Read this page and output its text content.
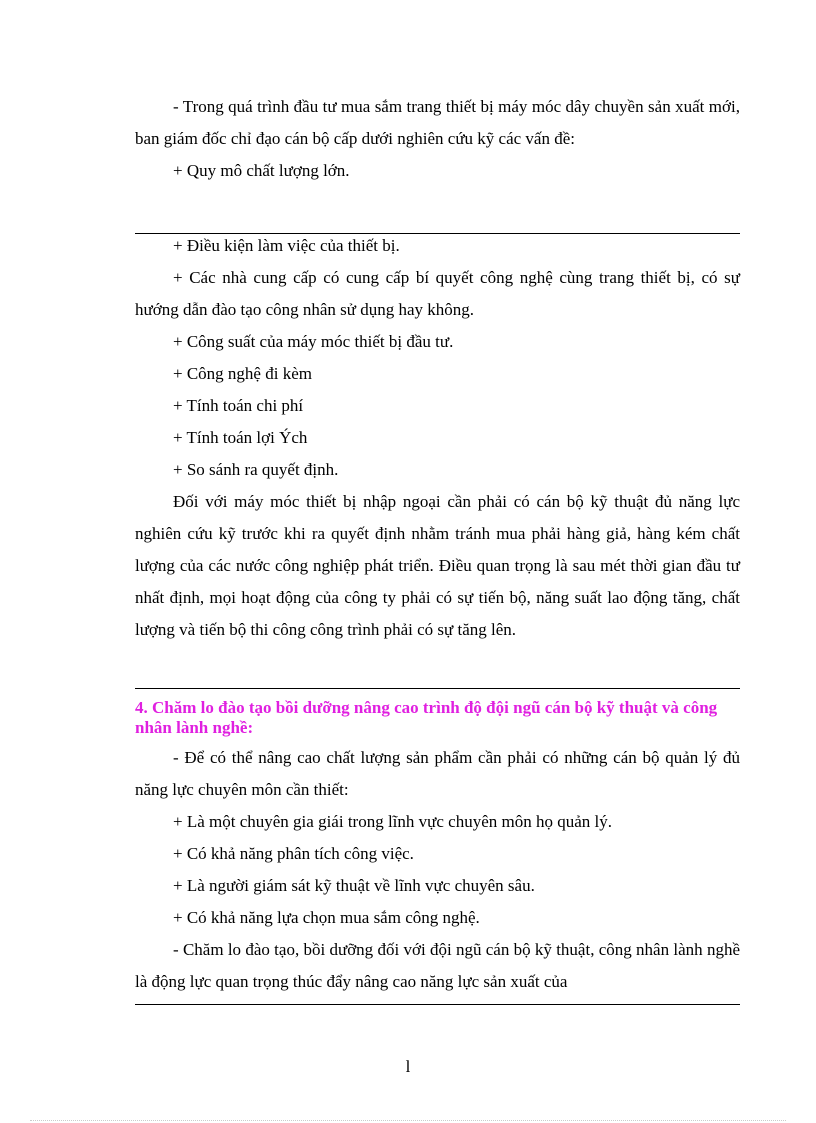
- Trong quá trình đầu tư mua sắm trang thiết bị máy móc dây chuyền sản xuất mới, ban giám đốc chỉ đạo cán bộ cấp dưới nghiên cứu kỹ các vấn đề:
+ Quy mô chất lượng lớn.
+ Điều kiện làm việc của thiết bị.
+ Các nhà cung cấp có cung cấp bí quyết công nghệ cùng trang thiết bị, có sự hướng dẫn đào tạo công nhân sử dụng hay không.
+ Công suất của máy móc thiết bị đầu tư.
+ Công nghệ đi kèm
+ Tính toán chi phí
+ Tính toán lợi Ých
+ So sánh ra quyết định.
Đối với máy móc thiết bị nhập ngoại cần phải có cán bộ kỹ thuật đủ năng lực nghiên cứu kỹ trước khi ra quyết định nhằm tránh mua phải hàng giả, hàng kém chất lượng của các nước công nghiệp phát triển. Điều quan trọng là sau mét thời gian đầu tư nhất định, mọi hoạt động của công ty phải có sự tiến bộ, năng suất lao động tăng, chất lượng và tiến bộ thi công công trình phải có sự tăng lên.
4. Chăm lo đào tạo bồi dưỡng nâng cao trình độ đội ngũ cán bộ kỹ thuật và công nhân lành nghề:
- Để có thể nâng cao chất lượng sản phẩm cần phải có những cán bộ quản lý đủ năng lực chuyên môn cần thiết:
+ Là một chuyên gia giái trong lĩnh vực chuyên môn họ quản lý.
+ Có khả năng phân tích công việc.
+ Là người giám sát kỹ thuật về lĩnh vực chuyên sâu.
+ Có khả năng lựa chọn mua sắm công nghệ.
- Chăm lo đào tạo, bồi dưỡng đối với đội ngũ cán bộ kỹ thuật, công nhân lành nghề là động lực quan trọng thúc đẩy nâng cao năng lực sản xuất của
l
